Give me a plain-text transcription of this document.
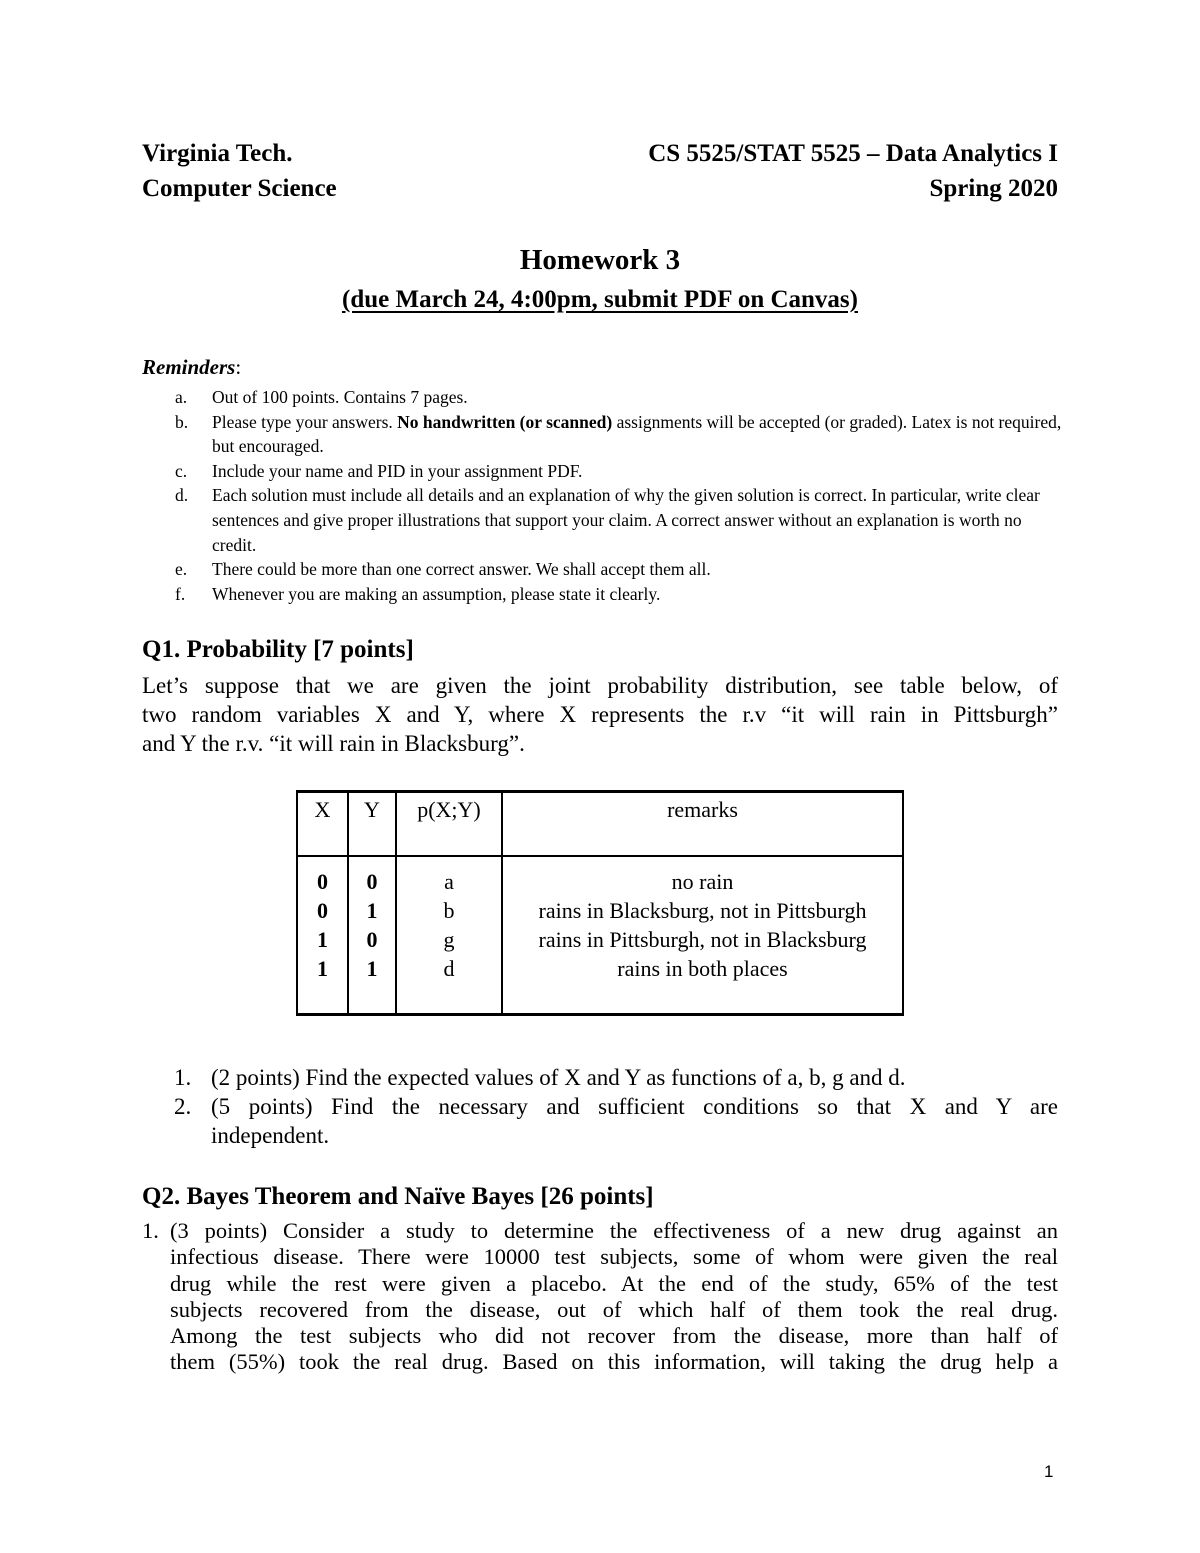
Virginia Tech.	CS 5525/STAT 5525 – Data Analytics I
Computer Science	Spring 2020
Homework 3
(due March 24, 4:00pm, submit PDF on Canvas)
Reminders:
a. Out of 100 points. Contains 7 pages.
b. Please type your answers. No handwritten (or scanned) assignments will be accepted (or graded). Latex is not required, but encouraged.
c. Include your name and PID in your assignment PDF.
d. Each solution must include all details and an explanation of why the given solution is correct. In particular, write clear sentences and give proper illustrations that support your claim. A correct answer without an explanation is worth no credit.
e. There could be more than one correct answer. We shall accept them all.
f. Whenever you are making an assumption, please state it clearly.
Q1. Probability [7 points]
Let’s suppose that we are given the joint probability distribution, see table below, of
two random variables X and Y, where X represents the r.v “it will rain in Pittsburgh”
and Y the r.v. “it will rain in Blacksburg”.
X	Y	p(X;Y)	remarks
0	0	a	no rain
0	1	b	rains in Blacksburg, not in Pittsburgh
1	0	g	rains in Pittsburgh, not in Blacksburg
1	1	d	rains in both places
1. (2 points) Find the expected values of X and Y as functions of a, b, g and d.
2. (5 points) Find the necessary and sufficient conditions so that X and Y are
independent.
Q2. Bayes Theorem and Naïve Bayes [26 points]
1. (3 points) Consider a study to determine the effectiveness of a new drug against an
infectious disease. There were 10000 test subjects, some of whom were given the real
drug while the rest were given a placebo. At the end of the study, 65% of the test
subjects recovered from the disease, out of which half of them took the real drug.
Among the test subjects who did not recover from the disease, more than half of
them (55%) took the real drug. Based on this information, will taking the drug help a
1
